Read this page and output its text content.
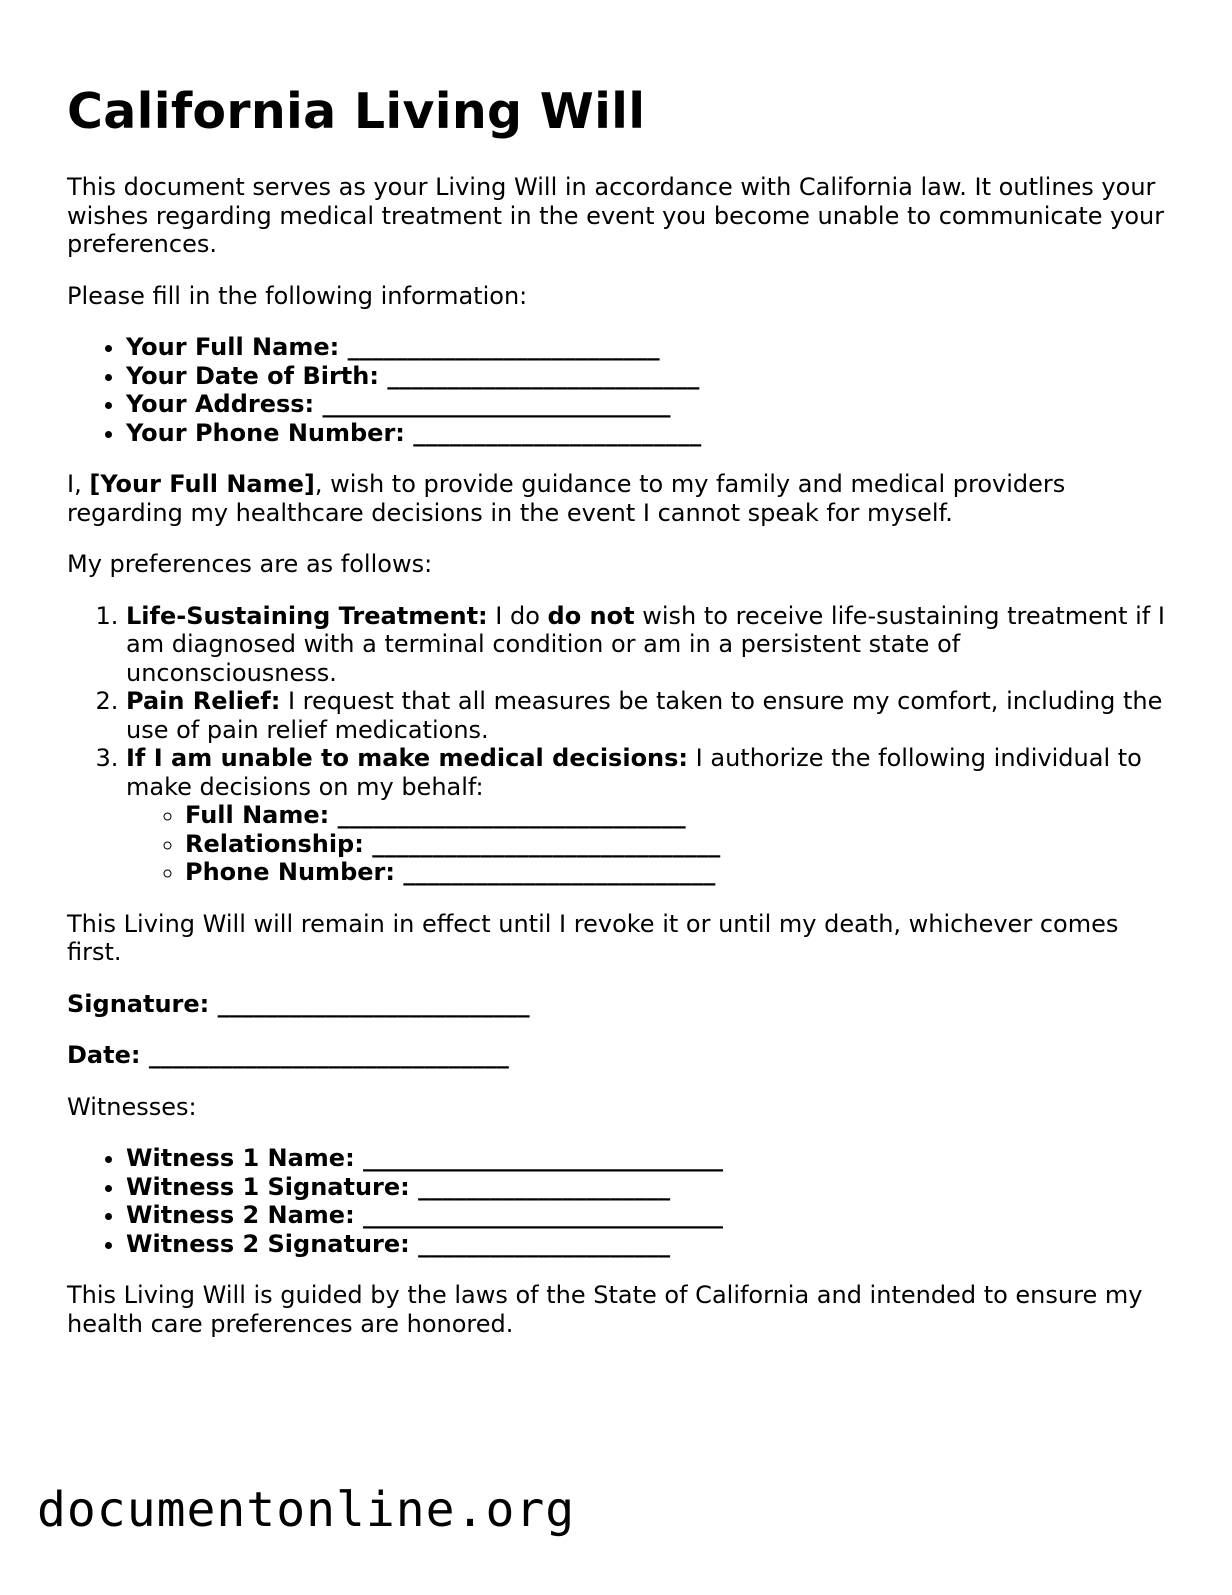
California Living Will

This document serves as your Living Will in accordance with California law. It outlines your wishes regarding medical treatment in the event you become unable to communicate your preferences.

Please fill in the following information:

• Your Full Name: __________________________
• Your Date of Birth: __________________________
• Your Address: _____________________________
• Your Phone Number: ________________________

I, [Your Full Name], wish to provide guidance to my family and medical providers regarding my healthcare decisions in the event I cannot speak for myself.

My preferences are as follows:

1. Life-Sustaining Treatment: I do do not wish to receive life-sustaining treatment if I am diagnosed with a terminal condition or am in a persistent state of unconsciousness.
2. Pain Relief: I request that all measures be taken to ensure my comfort, including the use of pain relief medications.
3. If I am unable to make medical decisions: I authorize the following individual to make decisions on my behalf:
◦ Full Name: _____________________________
◦ Relationship: _____________________________
◦ Phone Number: __________________________

This Living Will will remain in effect until I revoke it or until my death, whichever comes first.

Signature: __________________________

Date: ______________________________

Witnesses:

• Witness 1 Name: ______________________________
• Witness 1 Signature: _____________________
• Witness 2 Name: ______________________________
• Witness 2 Signature: _____________________

This Living Will is guided by the laws of the State of California and intended to ensure my health care preferences are honored.

documentonline.org
